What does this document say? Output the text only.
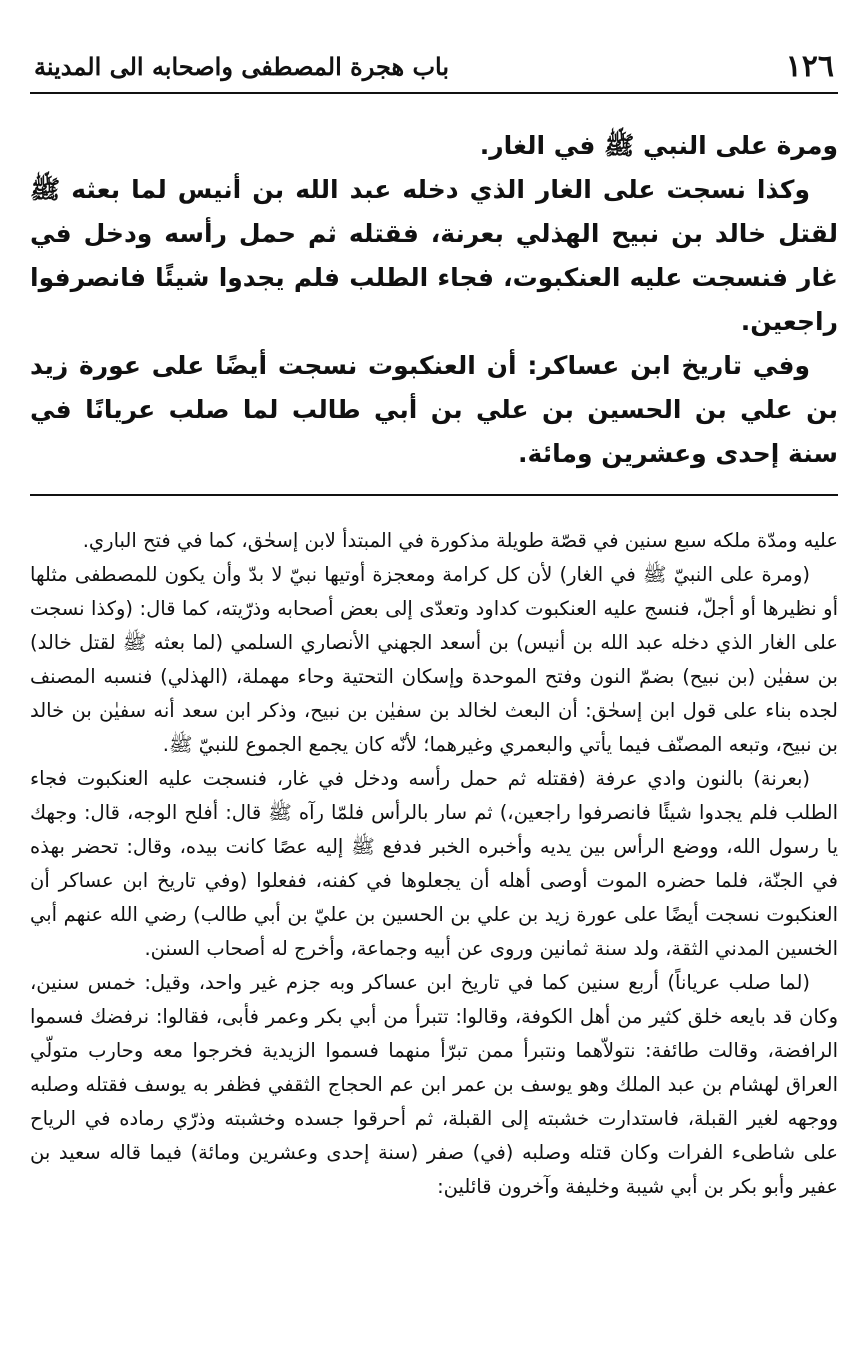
١٢٦
باب هجرة المصطفى واصحابه الى المدينة

ومرة على النبي ﷺ في الغار.

وكذا نسجت على الغار الذي دخله عبد الله بن أنيس لما بعثه ﷺ لقتل خالد بن نبيح الهذلي بعرنة، فقتله ثم حمل رأسه ودخل في غار فنسجت عليه العنكبوت، فجاء الطلب فلم يجدوا شيئًا فانصرفوا راجعين.

وفي تاريخ ابن عساكر: أن العنكبوت نسجت أيضًا على عورة زيد بن علي بن الحسين بن علي بن أبي طالب لما صلب عريانًا في سنة إحدى وعشرين ومائة.

عليه ومدّة ملكه سبع سنين في قصّة طويلة مذكورة في المبتدأ لابن إسحٰق، كما في فتح الباري.

(ومرة على النبيّ ﷺ في الغار) لأن كل كرامة ومعجزة أوتيها نبيّ لا بدّ وأن يكون للمصطفى مثلها أو نظيرها أو أجلّ، فنسج عليه العنكبوت كداود وتعدّى إلى بعض أصحابه وذرّيته، كما قال: (وكذا نسجت على الغار الذي دخله عبد الله بن أنيس) بن أسعد الجهني الأنصاري السلمي (لما بعثه ﷺ لقتل خالد) بن سفيٰن (بن نبيح) بضمّ النون وفتح الموحدة وإسكان التحتية وحاء مهملة، (الهذلي) فنسبه المصنف لجده بناء على قول ابن إسحٰق: أن البعث لخالد بن سفيٰن بن نبيح، وذكر ابن سعد أنه سفيٰن بن خالد بن نبيح، وتبعه المصنّف فيما يأتي والبعمري وغيرهما؛ لأنّه كان يجمع الجموع للنبيّ ﷺ.

(بعرنة) بالنون وادي عرفة (فقتله ثم حمل رأسه ودخل في غار، فنسجت عليه العنكبوت فجاء الطلب فلم يجدوا شيئًا فانصرفوا راجعين،) ثم سار بالرأس فلمّا رآه ﷺ قال: أفلح الوجه، قال: وجهك يا رسول الله، ووضع الرأس بين يديه وأخبره الخبر فدفع ﷺ إليه عصًا كانت بيده، وقال: تحضر بهذه في الجنّة، فلما حضره الموت أوصى أهله أن يجعلوها في كفنه، ففعلوا (وفي تاريخ ابن عساكر أن العنكبوت نسجت أيضًا على عورة زيد بن علي بن الحسين بن عليّ بن أبي طالب) رضي الله عنهم أبي الخسين المدني الثقة، ولد سنة ثمانين وروى عن أبيه وجماعة، وأخرج له أصحاب السنن.

(لما صلب عرياناً) أربع سنين كما في تاريخ ابن عساكر وبه جزم غير واحد، وقيل: خمس سنين، وكان قد بايعه خلق كثير من أهل الكوفة، وقالوا: تتبرأ من أبي بكر وعمر فأبى، فقالوا: نرفضك فسموا الرافضة، وقالت طائفة: نتولاّهما ونتبرأ ممن تبرّأ منهما فسموا الزيدية فخرجوا معه وحارب متولّي العراق لهشام بن عبد الملك وهو يوسف بن عمر ابن عم الحجاج الثقفي فظفر به يوسف فقتله وصلبه ووجهه لغير القبلة، فاستدارت خشبته إلى القبلة، ثم أحرقوا جسده وخشبته وذرّي رماده في الرياح على شاطىء الفرات وكان قتله وصلبه (في) صفر (سنة إحدى وعشرين ومائة) فيما قاله سعيد بن عفير وأبو بكر بن أبي شيبة وخليفة وآخرون قائلين:
